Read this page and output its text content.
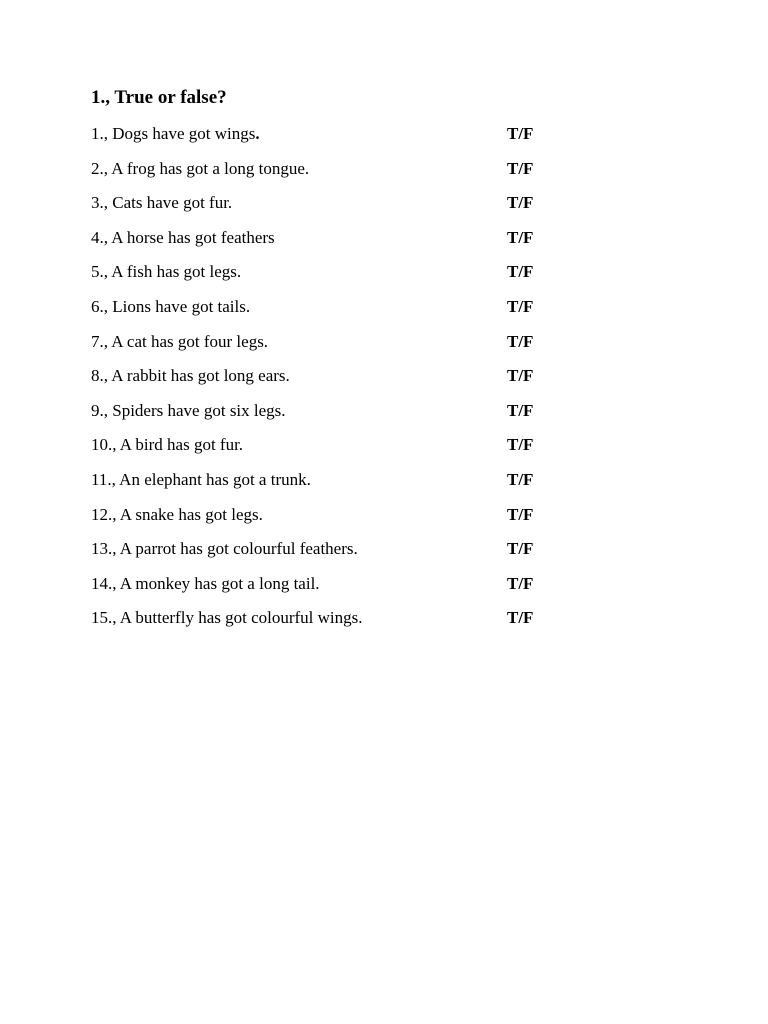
1., True or false?
1., Dogs have got wings.	T/F
2., A frog has got a long tongue.	T/F
3., Cats have got fur.	T/F
4., A horse has got feathers	T/F
5., A fish has got legs.	T/F
6., Lions have got tails.	T/F
7., A cat has got four legs.	T/F
8., A rabbit has got long ears.	T/F
9., Spiders have got six legs.	T/F
10., A bird has got fur.	T/F
11., An elephant has got a trunk.	T/F
12., A snake has got legs.	T/F
13., A parrot has got colourful feathers.	T/F
14., A monkey has got a long tail.	T/F
15., A butterfly has got colourful wings.	T/F
